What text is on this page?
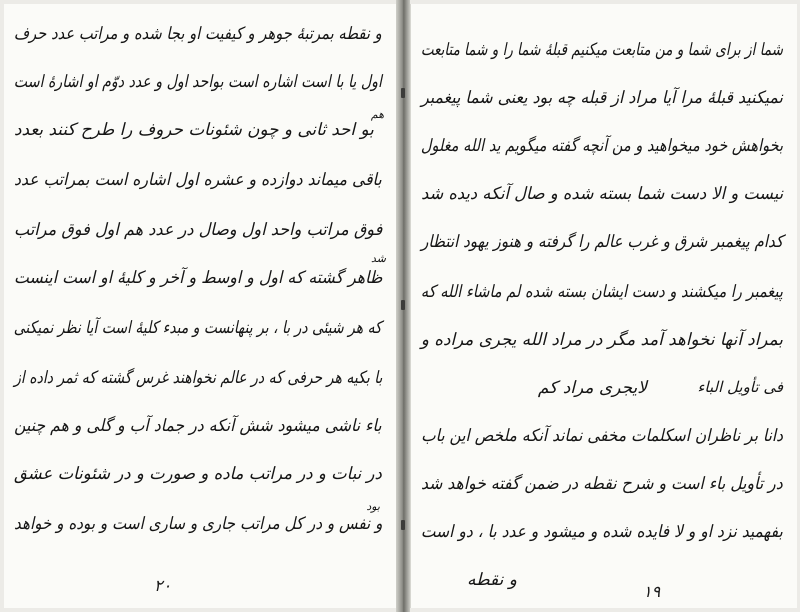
و نقطه بمرتبهٔ جوهر و کیفیت او بجا شده و مراتب عدد حرف
اول یا با است اشاره است بواحد اول و عدد دوّم او اشارهٔ است
هم
بو احد ثانی و چون شئونات حروف را طرح کنند بعدد
باقی میماند دوازده و عشره اول اشاره است بمراتب عدد
فوق مراتب واحد اول وصال در عدد هم اول فوق مراتب
ظاهر گشته که اول و اوسط و آخر و کلیهٔ او است اینست
که هر شیئی در با ، بر پنهانست و مبدء کلیهٔ است آیا نظر نمیکنی
با بکیه هر حرفی که در عالم نخواهند غرس گشته که ثمر داده از
باء ناشی میشود شش آنکه در جماد آب و گلی و هم چنین
در نبات و در مراتب ماده و صورت و در شئونات عشق
بود
و نفس و در کل مراتب جاری و ساری است و بوده و خواهد
۲۰
شد
شما از برای شما و من متابعت میکنیم قبلهٔ شما را و شما متابعت
نمیکنید قبلهٔ مرا آیا مراد از قبله چه بود یعنی شما پیغمبر
بخواهش خود میخواهید و من آنچه گفته میگویم ید الله مغلول
نیست و الا دست شما بسته شده و صال آنکه دیده شد
کدام پیغمبر شرق و غرب عالم را گرفته و هنوز یهود انتظار
پیغمبر را میکشند و دست ایشان بسته شده لم ماشاء الله که
بمراد آنها نخواهد آمد مگر در مراد الله یجری مراده و
لایجری مراد کم	فی تأویل الباء
دانا بر ناظران اسکلمات مخفی نماند آنکه ملخص این باب
در تأویل باء است و شرح نقطه در ضمن گفته خواهد شد
بفهمید نزد او و لا فایده شده و میشود و عدد با ، دو است
و نقطه
۱۹
